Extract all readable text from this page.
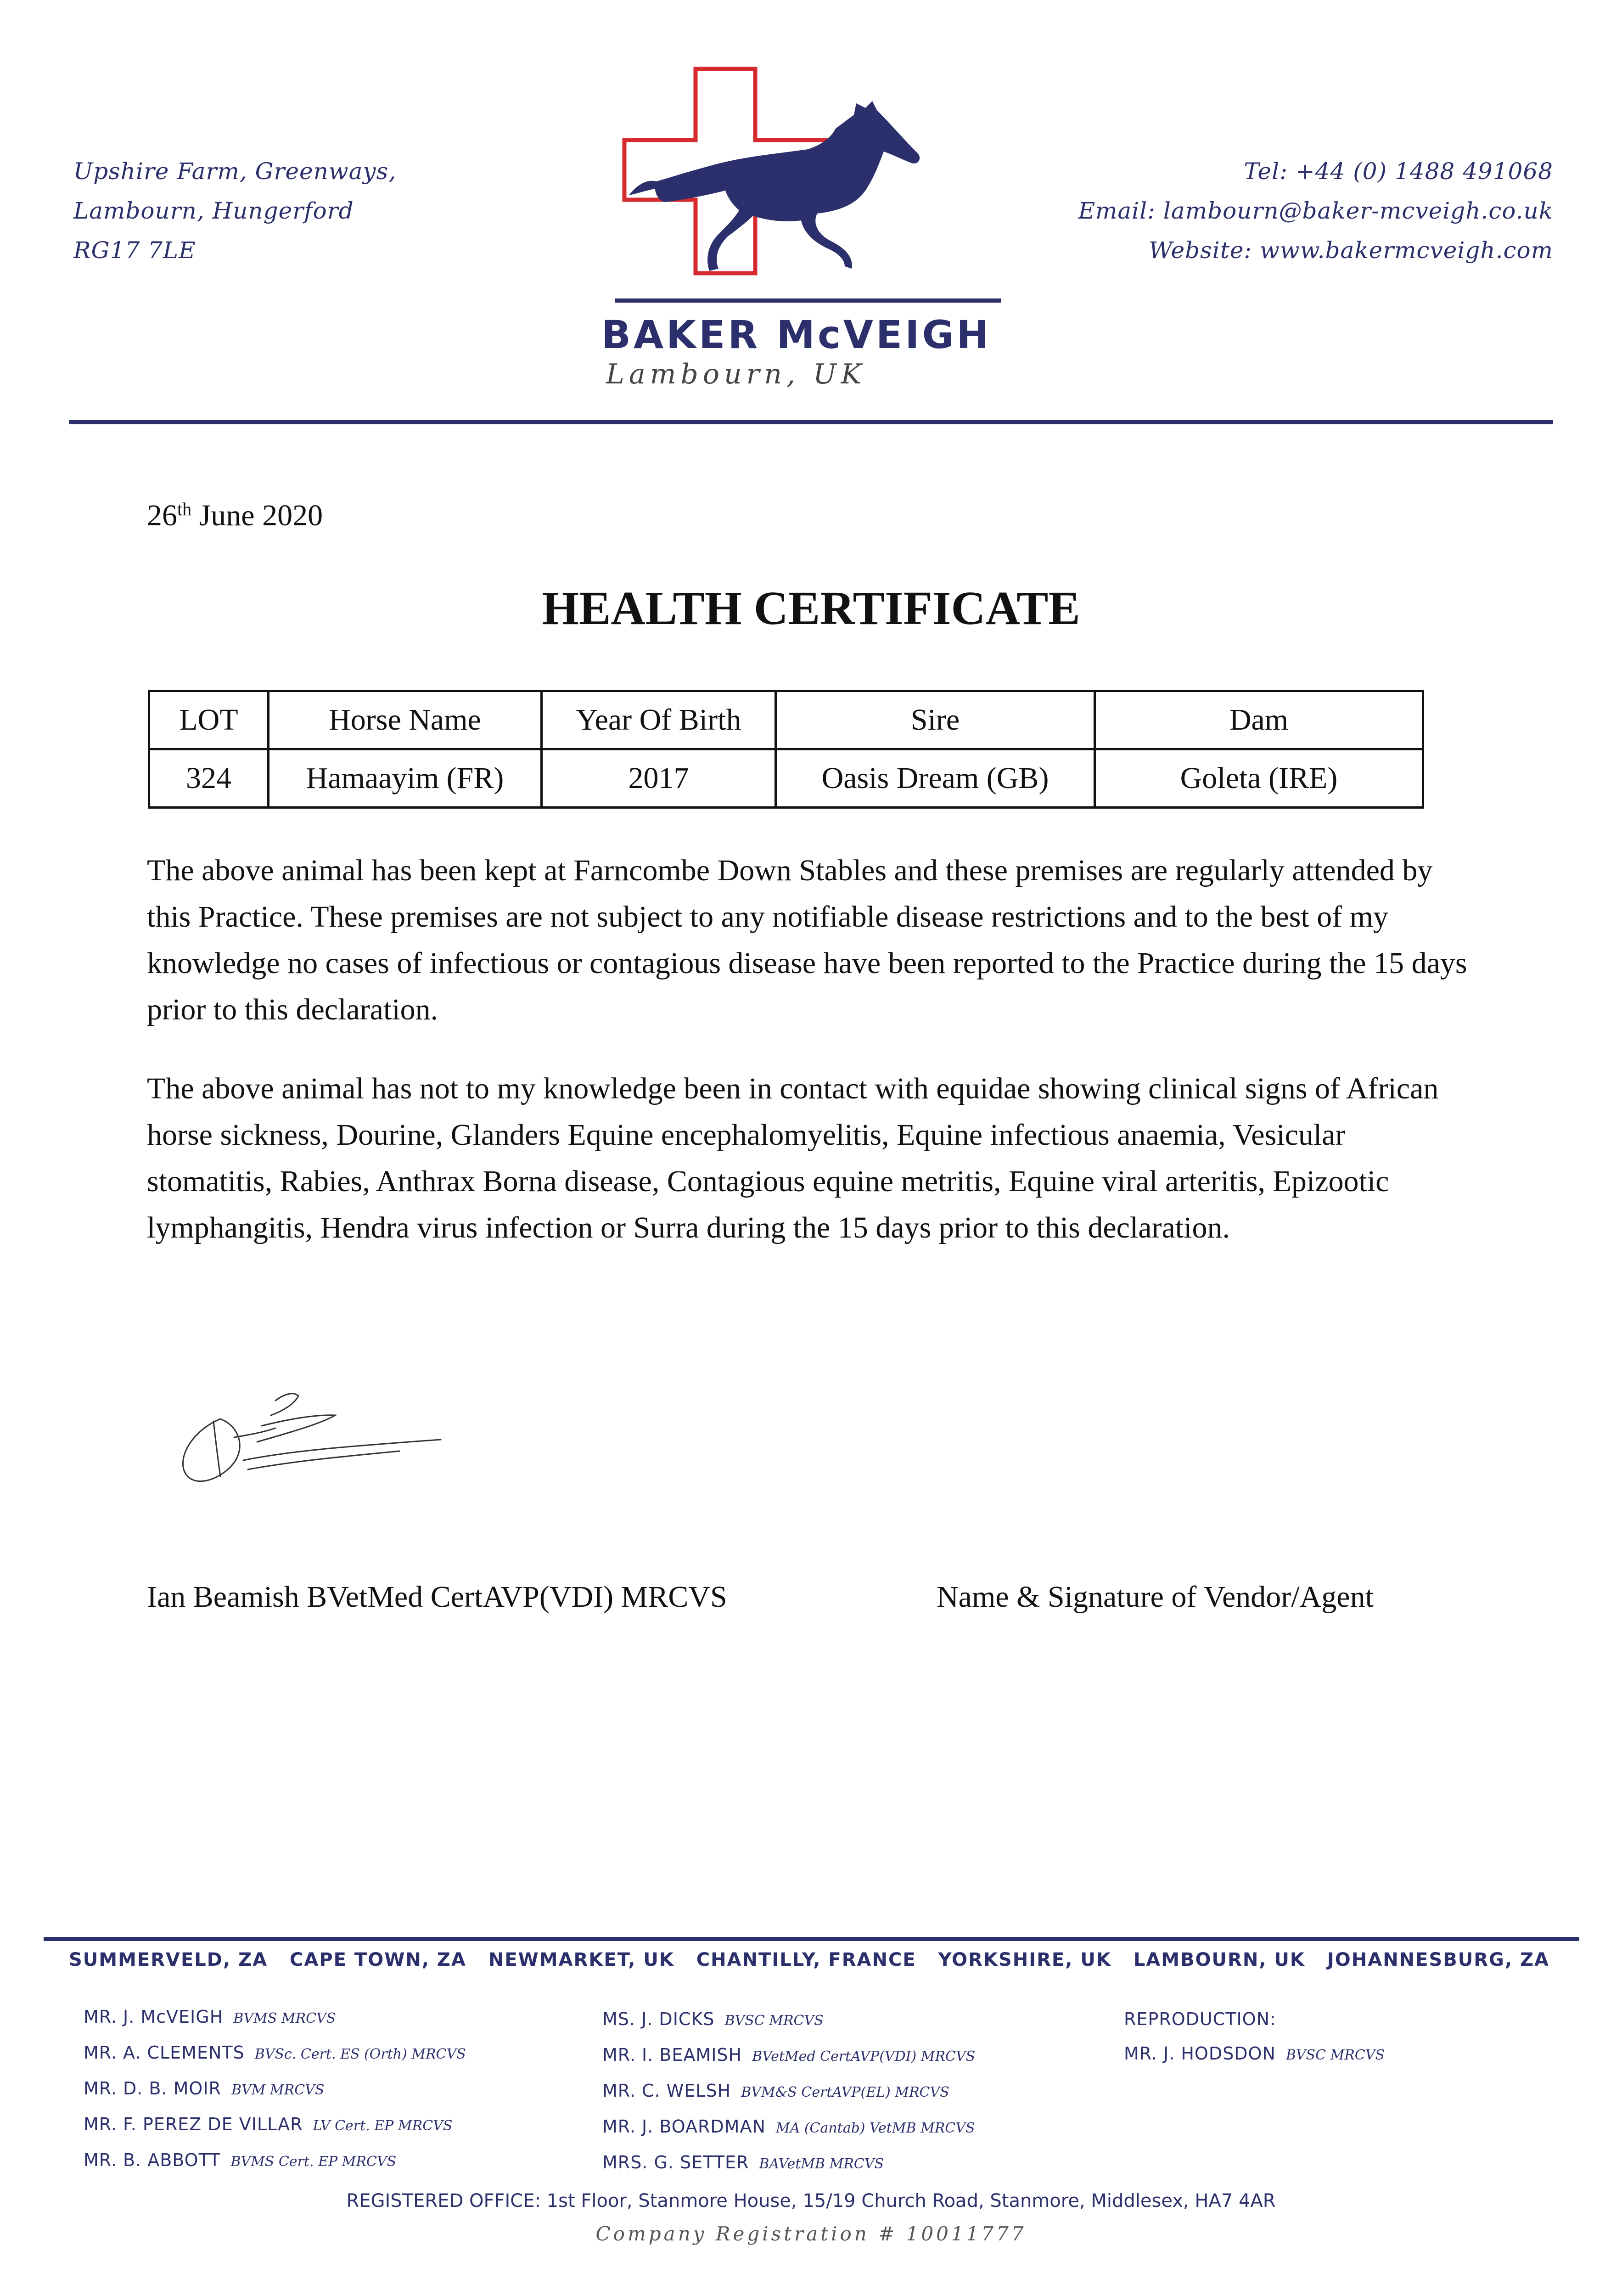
Upshire Farm, Greenways,
Lambourn, Hungerford
RG17 7LE
Tel: +44 (0) 1488 491068
Email: lambourn@baker-mcveigh.co.uk
Website: www.bakermcveigh.com
BAKER McVEIGH
Lambourn, UK
26th June 2020
HEALTH CERTIFICATE
LOT	Horse Name	Year Of Birth	Sire	Dam
324	Hamaayim (FR)	2017	Oasis Dream (GB)	Goleta (IRE)
The above animal has been kept at Farncombe Down Stables and these premises are regularly attended by this Practice. These premises are not subject to any notifiable disease restrictions and to the best of my knowledge no cases of infectious or contagious disease have been reported to the Practice during the 15 days prior to this declaration.
The above animal has not to my knowledge been in contact with equidae showing clinical signs of African horse sickness, Dourine, Glanders Equine encephalomyelitis, Equine infectious anaemia, Vesicular stomatitis, Rabies, Anthrax Borna disease, Contagious equine metritis, Equine viral arteritis, Epizootic lymphangitis, Hendra virus infection or Surra during the 15 days prior to this declaration.
Ian Beamish BVetMed CertAVP(VDI) MRCVS	Name & Signature of Vendor/Agent
SUMMERVELD, ZA CAPE TOWN, ZA NEWMARKET, UK CHANTILLY, FRANCE YORKSHIRE, UK LAMBOURN, UK JOHANNESBURG, ZA
MR. J. McVEIGH BVMS MRCVS
MR. A. CLEMENTS BVSc. Cert. ES (Orth) MRCVS
MR. D. B. MOIR BVM MRCVS
MR. F. PEREZ DE VILLAR LV Cert. EP MRCVS
MR. B. ABBOTT BVMS Cert. EP MRCVS
MS. J. DICKS BVSC MRCVS
MR. I. BEAMISH BVetMed CertAVP(VDI) MRCVS
MR. C. WELSH BVM&S CertAVP(EL) MRCVS
MR. J. BOARDMAN MA (Cantab) VetMB MRCVS
MRS. G. SETTER BAVetMB MRCVS
REPRODUCTION:
MR. J. HODSDON BVSC MRCVS
REGISTERED OFFICE: 1st Floor, Stanmore House, 15/19 Church Road, Stanmore, Middlesex, HA7 4AR
Company Registration # 10011777
